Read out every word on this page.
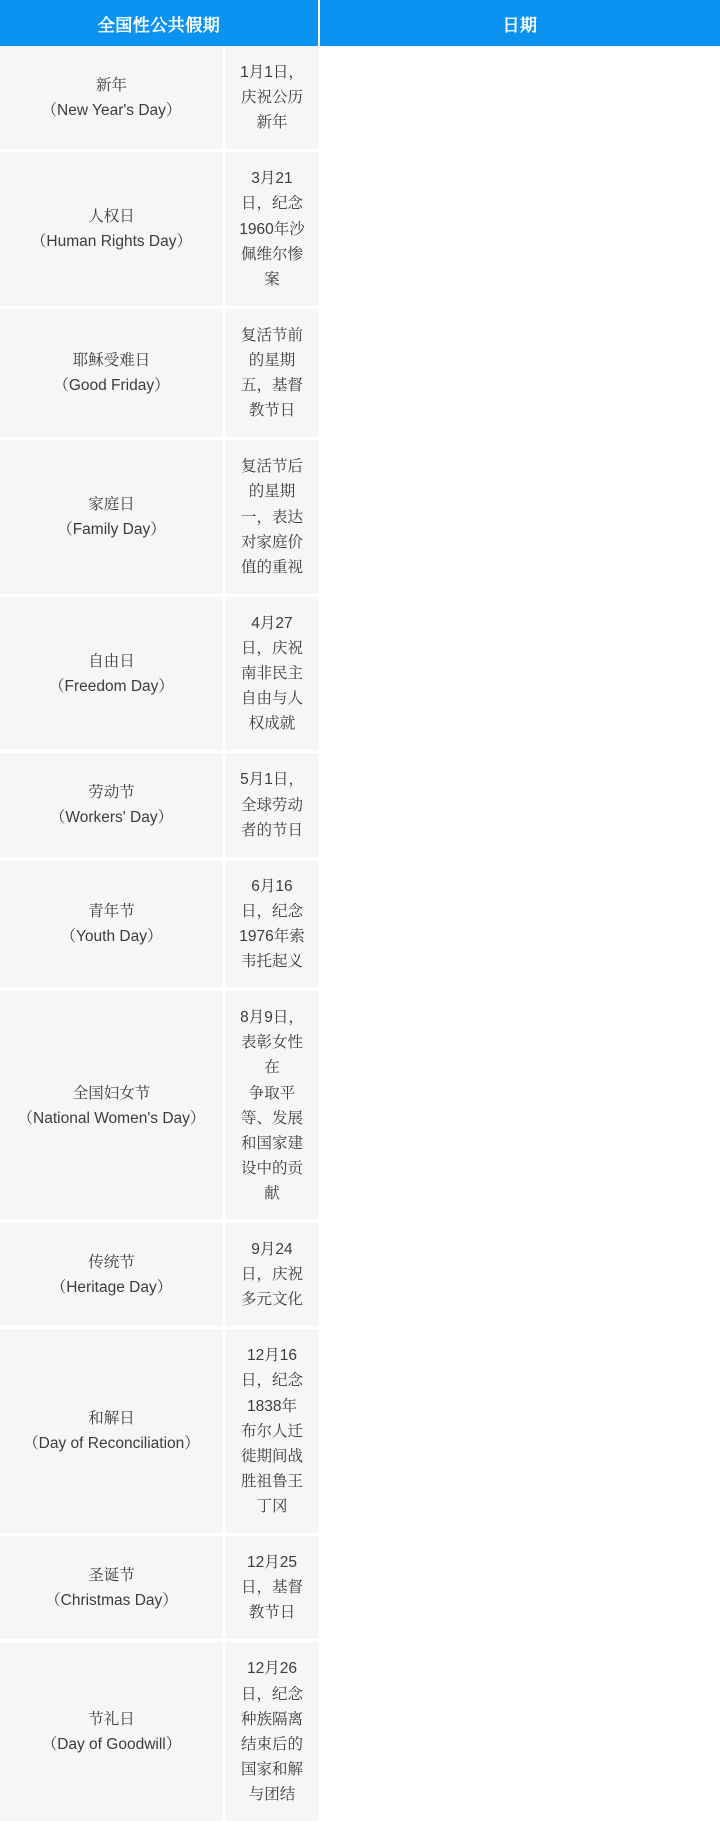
全国性公共假期	日期

新年
（New Year's Day）

1月1日，庆祝公历新年

人权日
（Human Rights Day）

3月21日，纪念1960年沙佩维尔惨案

耶稣受难日
（Good Friday）

复活节前的星期五，基督教节日

家庭日
（Family Day）

复活节后的星期一，表达对家庭价值的重视

自由日
（Freedom Day）

4月27日，庆祝南非民主自由与人权成就

劳动节
（Workers' Day）

5月1日，全球劳动者的节日

青年节
（Youth Day）

6月16日，纪念1976年索韦托起义

全国妇女节
（National Women's Day）

8月9日，表彰女性在
争取平等、发展和国家建设中的贡献

传统节
（Heritage Day）

9月24日，庆祝多元文化

和解日
（Day of Reconciliation）

12月16日，纪念1838年
布尔人迁徙期间战胜祖鲁王丁冈

圣诞节
（Christmas Day）

12月25日，基督教节日

节礼日
（Day of Goodwill）

12月26日，纪念种族隔离结束后的
国家和解与团结
